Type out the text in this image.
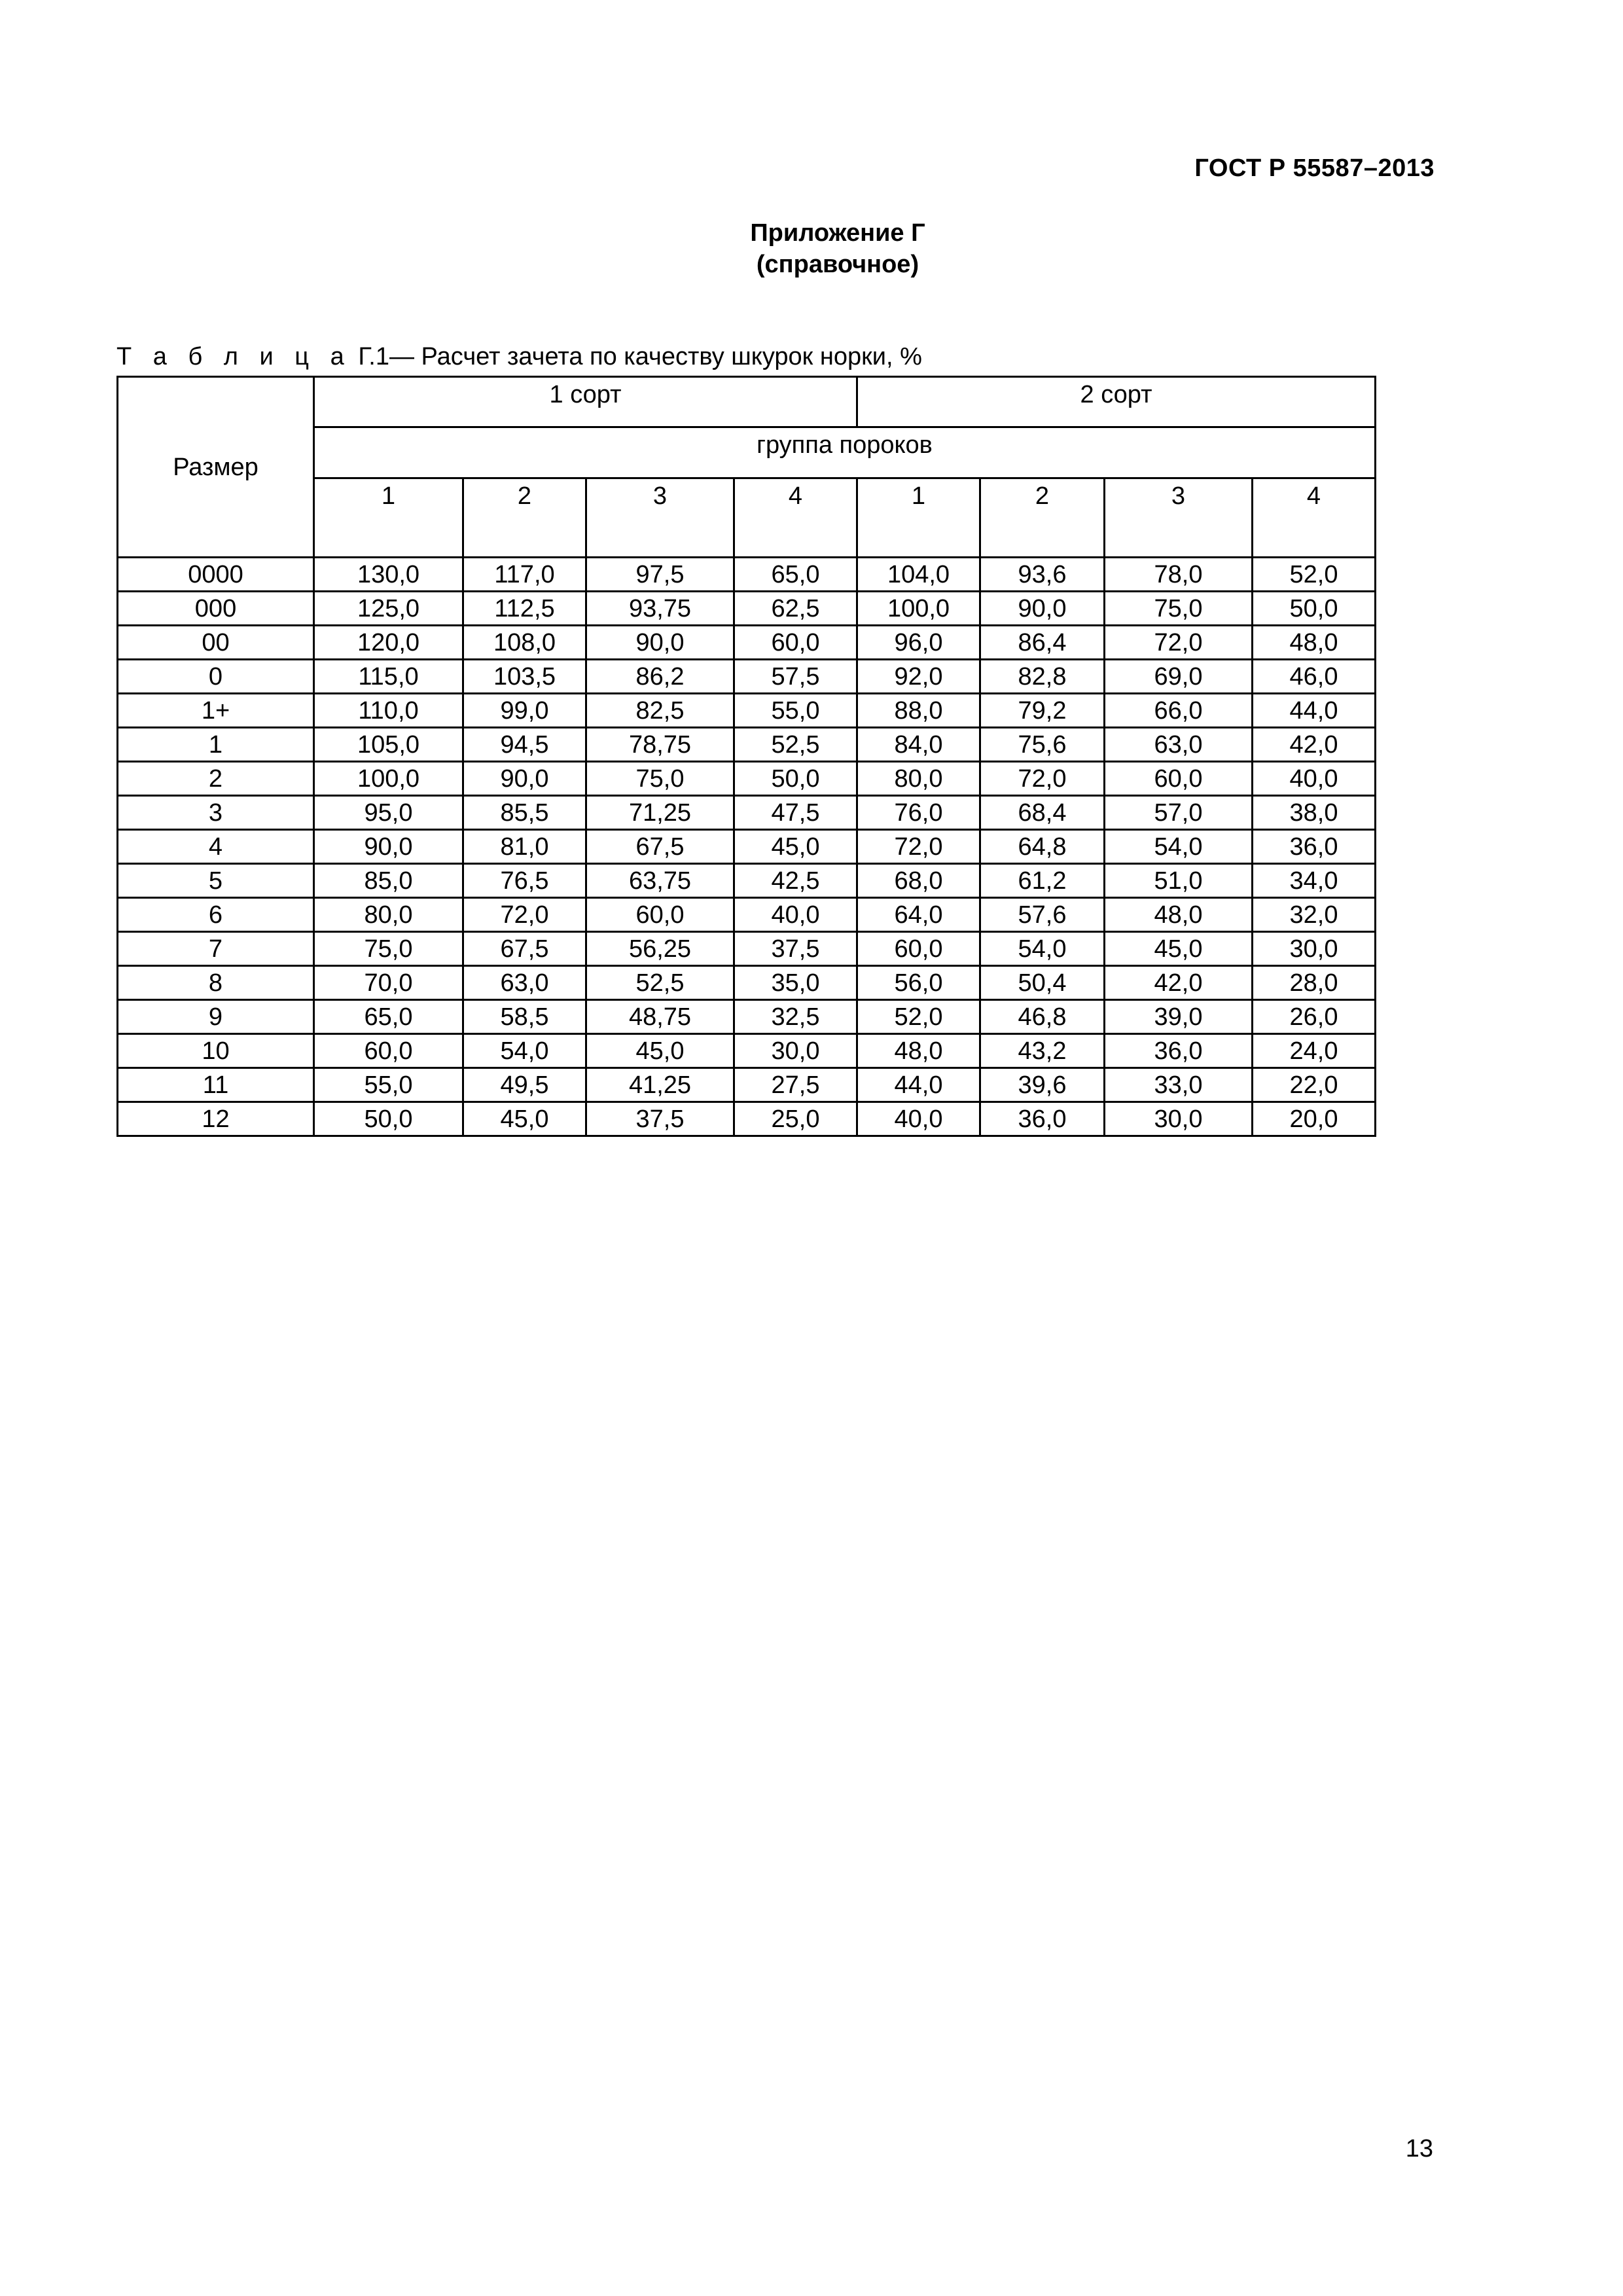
ГОСТ Р 55587–2013
Приложение Г
(справочное)
Т а б л и ц а Г.1— Расчет зачета по качеству шкурок норки, %
Размер	1 сорт				2 сорт			

	группа пороков							

	1	2	3	4	1	2	3	4

0000	130,0	117,0	97,5	65,0	104,0	93,6	78,0	52,0
000	125,0	112,5	93,75	62,5	100,0	90,0	75,0	50,0
00	120,0	108,0	90,0	60,0	96,0	86,4	72,0	48,0
0	115,0	103,5	86,2	57,5	92,0	82,8	69,0	46,0
1+	110,0	99,0	82,5	55,0	88,0	79,2	66,0	44,0
1	105,0	94,5	78,75	52,5	84,0	75,6	63,0	42,0
2	100,0	90,0	75,0	50,0	80,0	72,0	60,0	40,0
3	95,0	85,5	71,25	47,5	76,0	68,4	57,0	38,0
4	90,0	81,0	67,5	45,0	72,0	64,8	54,0	36,0
5	85,0	76,5	63,75	42,5	68,0	61,2	51,0	34,0
6	80,0	72,0	60,0	40,0	64,0	57,6	48,0	32,0
7	75,0	67,5	56,25	37,5	60,0	54,0	45,0	30,0
8	70,0	63,0	52,5	35,0	56,0	50,4	42,0	28,0
9	65,0	58,5	48,75	32,5	52,0	46,8	39,0	26,0
10	60,0	54,0	45,0	30,0	48,0	43,2	36,0	24,0
11	55,0	49,5	41,25	27,5	44,0	39,6	33,0	22,0
12	50,0	45,0	37,5	25,0	40,0	36,0	30,0	20,0
13
